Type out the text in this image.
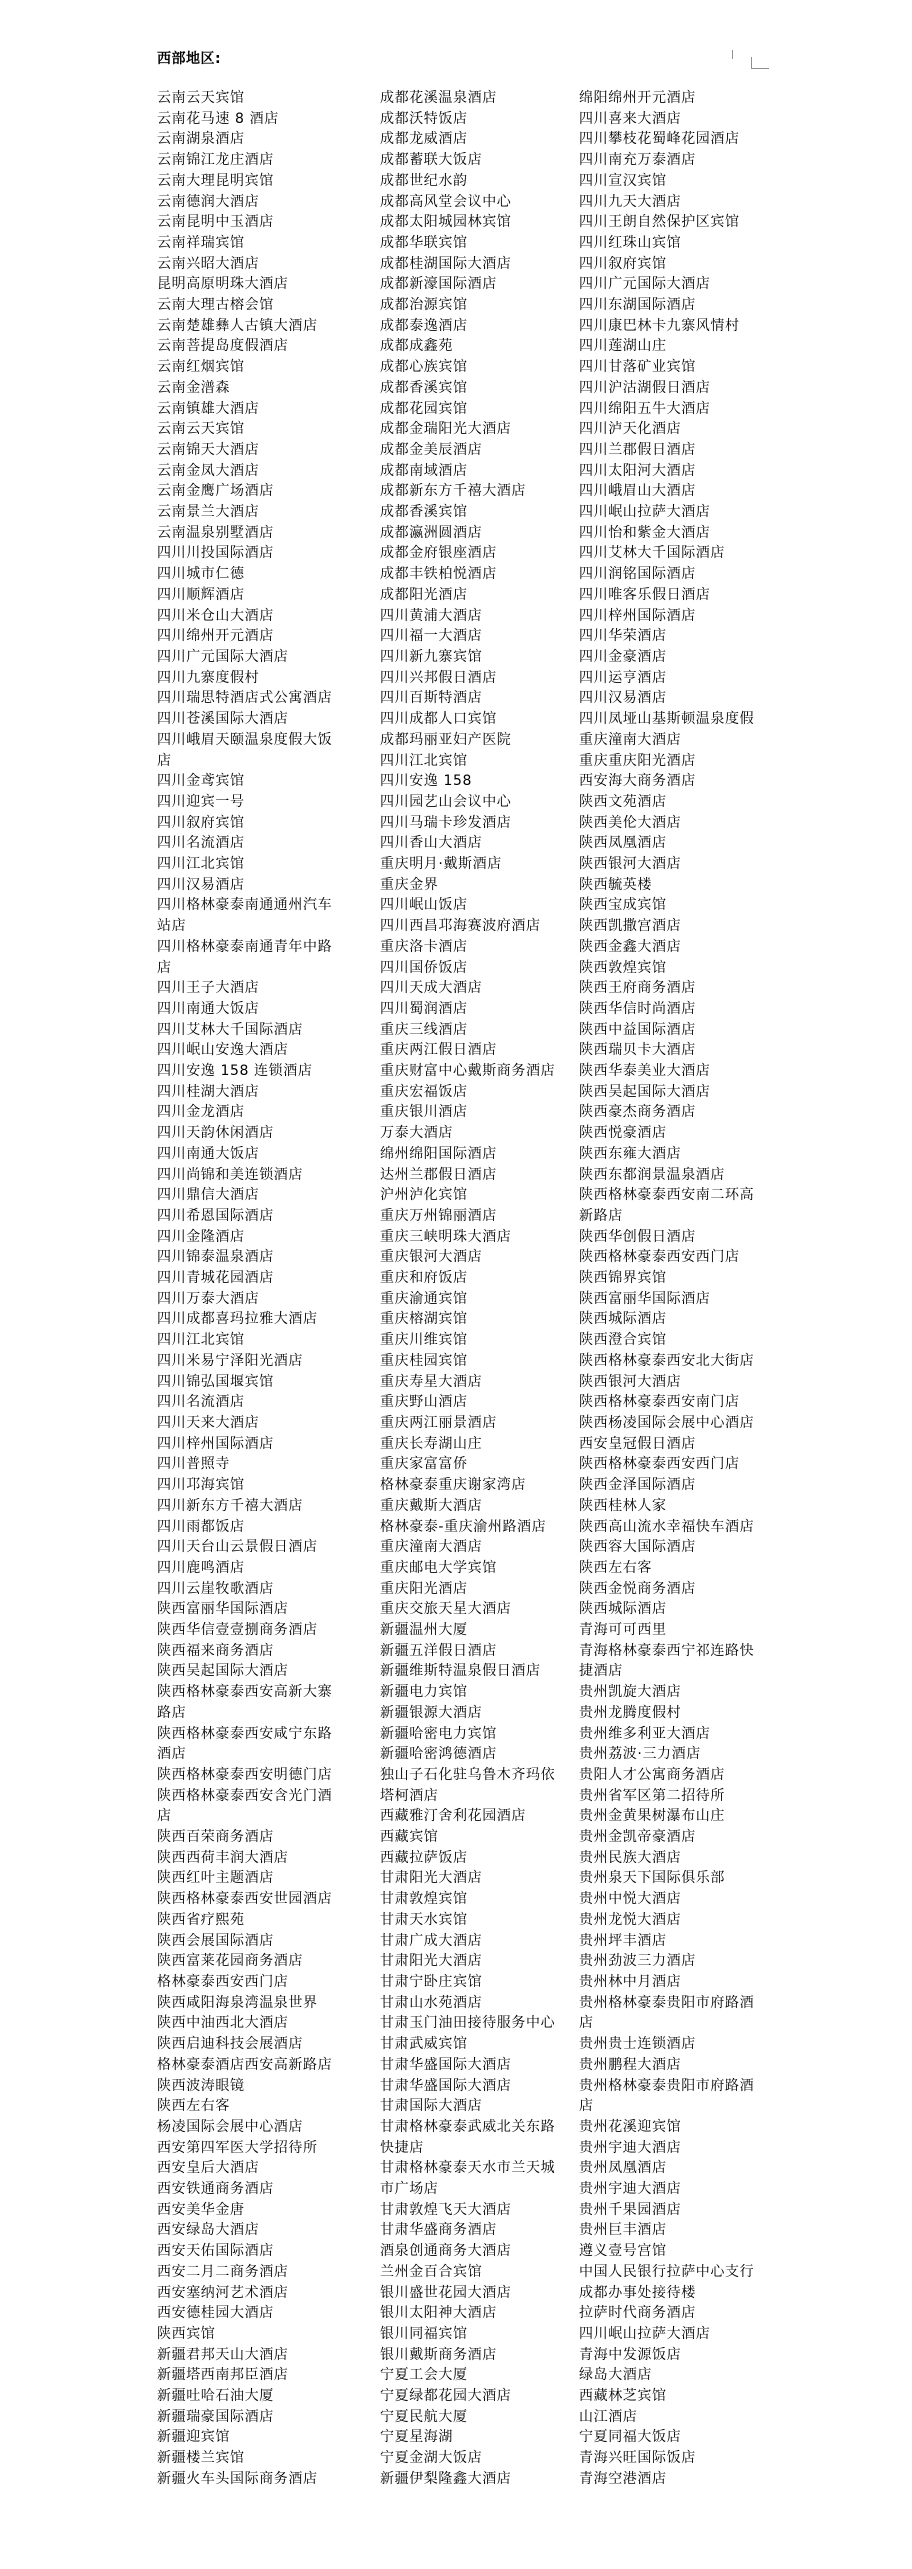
西部地区:
云南云天宾馆
云南花马速 8 酒店
云南湖泉酒店
云南锦江龙庄酒店
云南大理昆明宾馆
云南德润大酒店
云南昆明中玉酒店
云南祥瑞宾馆
云南兴昭大酒店
昆明高原明珠大酒店
云南大理古榕会馆
云南楚雄彝人古镇大酒店
云南菩提岛度假酒店
云南红烟宾馆
云南金潽森
云南镇雄大酒店
云南云天宾馆
云南锦天大酒店
云南金凤大酒店
云南金鹰广场酒店
云南景兰大酒店
云南温泉别墅酒店
四川川投国际酒店
四川城市仁德
四川顺辉酒店
四川米仓山大酒店
四川绵州开元酒店
四川广元国际大酒店
四川九寨度假村
四川瑞思特酒店式公寓酒店
四川苍溪国际大酒店
四川峨眉天颐温泉度假大饭店
四川金鸢宾馆
四川迎宾一号
四川叙府宾馆
四川名流酒店
四川江北宾馆
四川汉易酒店
四川格林豪泰南通通州汽车站店
四川格林豪泰南通青年中路店
四川王子大酒店
四川南通大饭店
四川艾林大千国际酒店
四川岷山安逸大酒店
四川安逸 158 连锁酒店
四川桂湖大酒店
四川金龙酒店
四川天韵休闲酒店
四川南通大饭店
四川尚锦和美连锁酒店
四川鼎信大酒店
四川希恩国际酒店
四川金隆酒店
四川锦泰温泉酒店
四川青城花园酒店
四川万泰大酒店
四川成都喜玛拉雅大酒店
四川江北宾馆
四川米易宁泽阳光酒店
四川锦弘国堰宾馆
四川名流酒店
四川天来大酒店
四川梓州国际酒店
四川普照寺
四川邛海宾馆
四川新东方千禧大酒店
四川雨都饭店
四川天台山云景假日酒店
四川鹿鸣酒店
四川云崖牧歌酒店
陕西富丽华国际酒店
陕西华信壹壹捌商务酒店
陕西福来商务酒店
陕西吴起国际大酒店
陕西格林豪泰西安高新大寨路店
陕西格林豪泰西安咸宁东路酒店
陕西格林豪泰西安明德门店
陕西格林豪泰西安含光门酒店
陕西百荣商务酒店
陕西西荷丰润大酒店
陕西红叶主题酒店
陕西格林豪泰西安世园酒店
陕西省疗熙苑
陕西会展国际酒店
陕西富莱花园商务酒店
格林豪泰西安西门店
陕西咸阳海泉湾温泉世界
陕西中油西北大酒店
陕西启迪科技会展酒店
格林豪泰酒店西安高新路店
陕西波涛眼镜
陕西左右客
杨凌国际会展中心酒店
西安第四军医大学招待所
西安皇后大酒店
西安铁通商务酒店
西安美华金唐
西安绿岛大酒店
西安天佑国际酒店
西安二月二商务酒店
西安塞纳河艺术酒店
西安德桂园大酒店
陕西宾馆
新疆君邦天山大酒店
新疆塔西南邦臣酒店
新疆吐哈石油大厦
新疆瑞豪国际酒店
新疆迎宾馆
新疆楼兰宾馆
新疆火车头国际商务酒店
成都花溪温泉酒店
成都沃特饭店
成都龙威酒店
成都蓄联大饭店
成都世纪水韵
成都高风堂会议中心
成都太阳城园林宾馆
成都华联宾馆
成都桂湖国际大酒店
成都新濠国际酒店
成都治源宾馆
成都泰逸酒店
成都成鑫苑
成都心族宾馆
成都香溪宾馆
成都花园宾馆
成都金瑞阳光大酒店
成都金美辰酒店
成都南域酒店
成都新东方千禧大酒店
成都香溪宾馆
成都瀛洲圆酒店
成都金府银座酒店
成都丰铁柏悦酒店
成都阳光酒店
四川黄浦大酒店
四川福一大酒店
四川新九寨宾馆
四川兴邦假日酒店
四川百斯特酒店
四川成都人口宾馆
成都玛丽亚妇产医院
四川江北宾馆
四川安逸 158
四川园艺山会议中心
四川马瑞卡珍发酒店
四川香山大酒店
重庆明月·戴斯酒店
重庆金界
四川岷山饭店
四川西昌邛海赛波府酒店
重庆洛卡酒店
四川国侨饭店
四川天成大酒店
四川蜀润酒店
重庆三线酒店
重庆两江假日酒店
重庆财富中心戴斯商务酒店
重庆宏福饭店
重庆银川酒店
万泰大酒店
绵州绵阳国际酒店
达州兰郡假日酒店
沪州泸化宾馆
重庆万州锦丽酒店
重庆三峡明珠大酒店
重庆银河大酒店
重庆和府饭店
重庆渝通宾馆
重庆榕湖宾馆
重庆川维宾馆
重庆桂园宾馆
重庆寿星大酒店
重庆野山酒店
重庆两江丽景酒店
重庆长寿湖山庄
重庆家富富侨
格林豪泰重庆谢家湾店
重庆戴斯大酒店
格林豪泰-重庆渝州路酒店
重庆潼南大酒店
重庆邮电大学宾馆
重庆阳光酒店
重庆交旅天星大酒店
新疆温州大厦
新疆五洋假日酒店
新疆维斯特温泉假日酒店
新疆电力宾馆
新疆银源大酒店
新疆哈密电力宾馆
新疆哈密鸿德酒店
独山子石化驻乌鲁木齐玛依塔柯酒店
西藏雅汀舍利花园酒店
西藏宾馆
西藏拉萨饭店
甘肃阳光大酒店
甘肃敦煌宾馆
甘肃天水宾馆
甘肃广成大酒店
甘肃阳光大酒店
甘肃宁卧庄宾馆
甘肃山水苑酒店
甘肃玉门油田接待服务中心
甘肃武威宾馆
甘肃华盛国际大酒店
甘肃华盛国际大酒店
甘肃国际大酒店
甘肃格林豪泰武威北关东路快捷店
甘肃格林豪泰天水市兰天城市广场店
甘肃敦煌飞天大酒店
甘肃华盛商务酒店
酒泉创通商务大酒店
兰州金百合宾馆
银川盛世花园大酒店
银川太阳神大酒店
银川同福宾馆
银川戴斯商务酒店
宁夏工会大厦
宁夏绿都花园大酒店
宁夏民航大厦
宁夏星海湖
宁夏金湖大饭店
新疆伊梨隆鑫大酒店
绵阳绵州开元酒店
四川喜来大酒店
四川攀枝花蜀峰花园酒店
四川南充万泰酒店
四川宣汉宾馆
四川九天大酒店
四川王朗自然保护区宾馆
四川红珠山宾馆
四川叙府宾馆
四川广元国际大酒店
四川东湖国际酒店
四川康巴林卡九寨风情村
四川莲湖山庄
四川甘落矿业宾馆
四川沪沽湖假日酒店
四川绵阳五牛大酒店
四川泸天化酒店
四川兰郡假日酒店
四川太阳河大酒店
四川峨眉山大酒店
四川岷山拉萨大酒店
四川怡和紫金大酒店
四川艾林大千国际酒店
四川润铭国际酒店
四川唯客乐假日酒店
四川梓州国际酒店
四川华荣酒店
四川金豪酒店
四川运亨酒店
四川汉易酒店
四川凤垭山基斯顿温泉度假
重庆潼南大酒店
重庆重庆阳光酒店
西安海大商务酒店
陕西文苑酒店
陕西美伦大酒店
陕西凤凰酒店
陕西银河大酒店
陕西毓英楼
陕西宝成宾馆
陕西凯撒宫酒店
陕西金鑫大酒店
陕西敦煌宾馆
陕西王府商务酒店
陕西华信时尚酒店
陕西中益国际酒店
陕西瑞贝卡大酒店
陕西华泰美业大酒店
陕西吴起国际大酒店
陕西豪杰商务酒店
陕西悦豪酒店
陕西东雍大酒店
陕西东都润景温泉酒店
陕西格林豪泰西安南二环高新路店
陕西华创假日酒店
陕西格林豪泰西安西门店
陕西锦界宾馆
陕西富丽华国际酒店
陕西城际酒店
陕西澄合宾馆
陕西格林豪泰西安北大街店
陕西银河大酒店
陕西格林豪泰西安南门店
陕西杨凌国际会展中心酒店
西安皇冠假日酒店
陕西格林豪泰西安西门店
陕西金泽国际酒店
陕西桂林人家
陕西高山流水幸福快车酒店
陕西容大国际酒店
陕西左右客
陕西金悦商务酒店
陕西城际酒店
青海可可西里
青海格林豪泰西宁祁连路快捷酒店
贵州凯旋大酒店
贵州龙腾度假村
贵州维多利亚大酒店
贵州荔波·三力酒店
贵阳人才公寓商务酒店
贵州省军区第二招待所
贵州金黄果树瀑布山庄
贵州金凯帝豪酒店
贵州民族大酒店
贵州泉天下国际俱乐部
贵州中悦大酒店
贵州龙悦大酒店
贵州坪丰酒店
贵州劲波三力酒店
贵州林中月酒店
贵州格林豪泰贵阳市府路酒店
贵州贵士连锁酒店
贵州鹏程大酒店
贵州格林豪泰贵阳市府路酒店
贵州花溪迎宾馆
贵州宇迪大酒店
贵州凤凰酒店
贵州宇迪大酒店
贵州千果园酒店
贵州巨丰酒店
遵义壹号宫馆
中国人民银行拉萨中心支行
成都办事处接待楼
拉萨时代商务酒店
四川岷山拉萨大酒店
青海中发源饭店
绿岛大酒店
西藏林芝宾馆
山江酒店
宁夏同福大饭店
青海兴旺国际饭店
青海空港酒店
